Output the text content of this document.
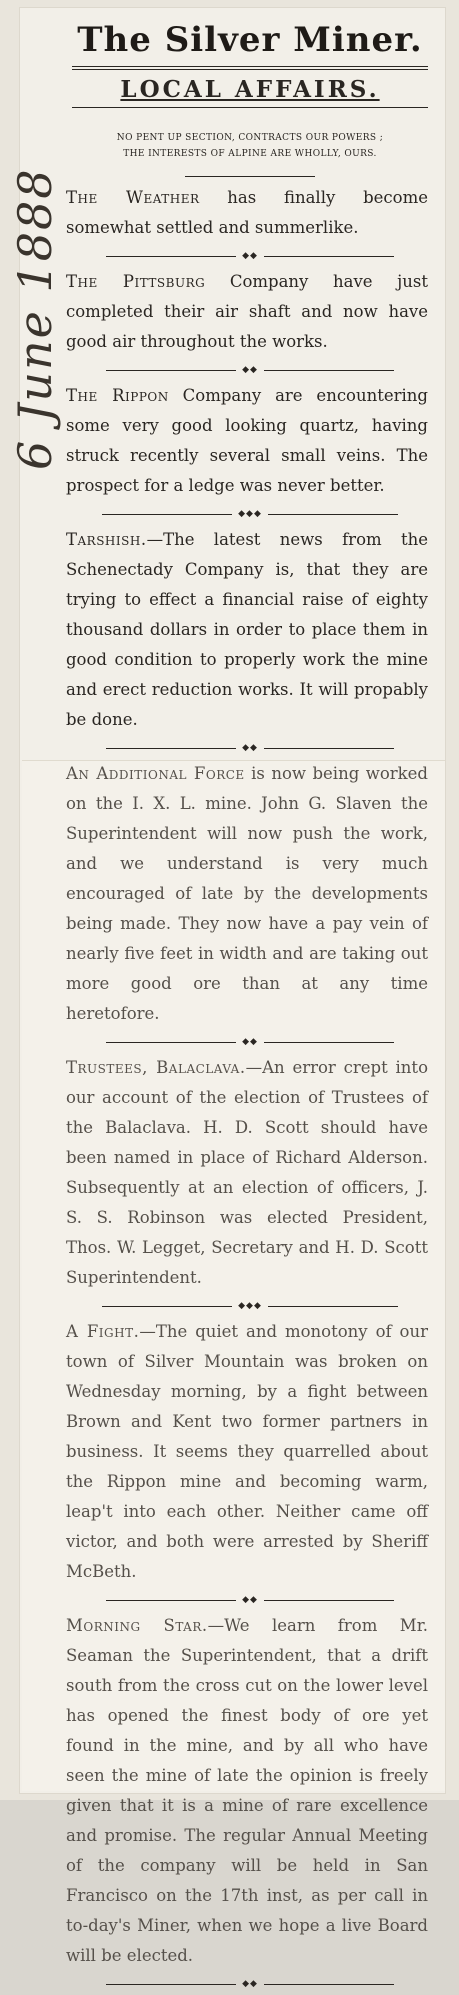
6 June 1888
The Silver Miner.
LOCAL AFFAIRS.
NO PENT UP SECTION, CONTRACTS OUR POWERS ;
THE INTERESTS OF ALPINE ARE WHOLLY, OURS.
The Weather has finally become somewhat settled and summerlike.
◆◆
The Pittsburg Company have just completed their air shaft and now have good air throughout the works.
◆◆
The Rippon Company are encountering some very good looking quartz, having struck recently several small veins. The prospect for a ledge was never better.
◆◆◆
Tarshish.—The latest news from the Schenectady Company is, that they are trying to effect a financial raise of eighty thousand dollars in order to place them in good condition to properly work the mine and erect reduction works. It will propably be done.
◆◆
An Additional Force is now being worked on the I. X. L. mine. John G. Slaven the Superintendent will now push the work, and we understand is very much encouraged of late by the developments being made. They now have a pay vein of nearly five feet in width and are taking out more good ore than at any time heretofore.
◆◆
Trustees, Balaclava.—An error crept into our account of the election of Trustees of the Balaclava. H. D. Scott should have been named in place of Richard Alderson. Subsequently at an election of officers, J. S. S. Robinson was elected President, Thos. W. Legget, Secretary and H. D. Scott Superintendent.
◆◆◆
A Fight.—The quiet and monotony of our town of Silver Mountain was broken on Wednesday morning, by a fight between Brown and Kent two former partners in business. It seems they quarrelled about the Rippon mine and becoming warm, leap't into each other. Neither came off victor, and both were arrested by Sheriff McBeth.
◆◆
Morning Star.—We learn from Mr. Seaman the Superintendent, that a drift south from the cross cut on the lower level has opened the finest body of ore yet found in the mine, and by all who have seen the mine of late the opinion is freely given that it is a mine of rare excellence and promise. The regular Annual Meeting of the company will be held in San Francisco on the 17th inst, as per call in to-day's Miner, when we hope a live Board will be elected.
◆◆
